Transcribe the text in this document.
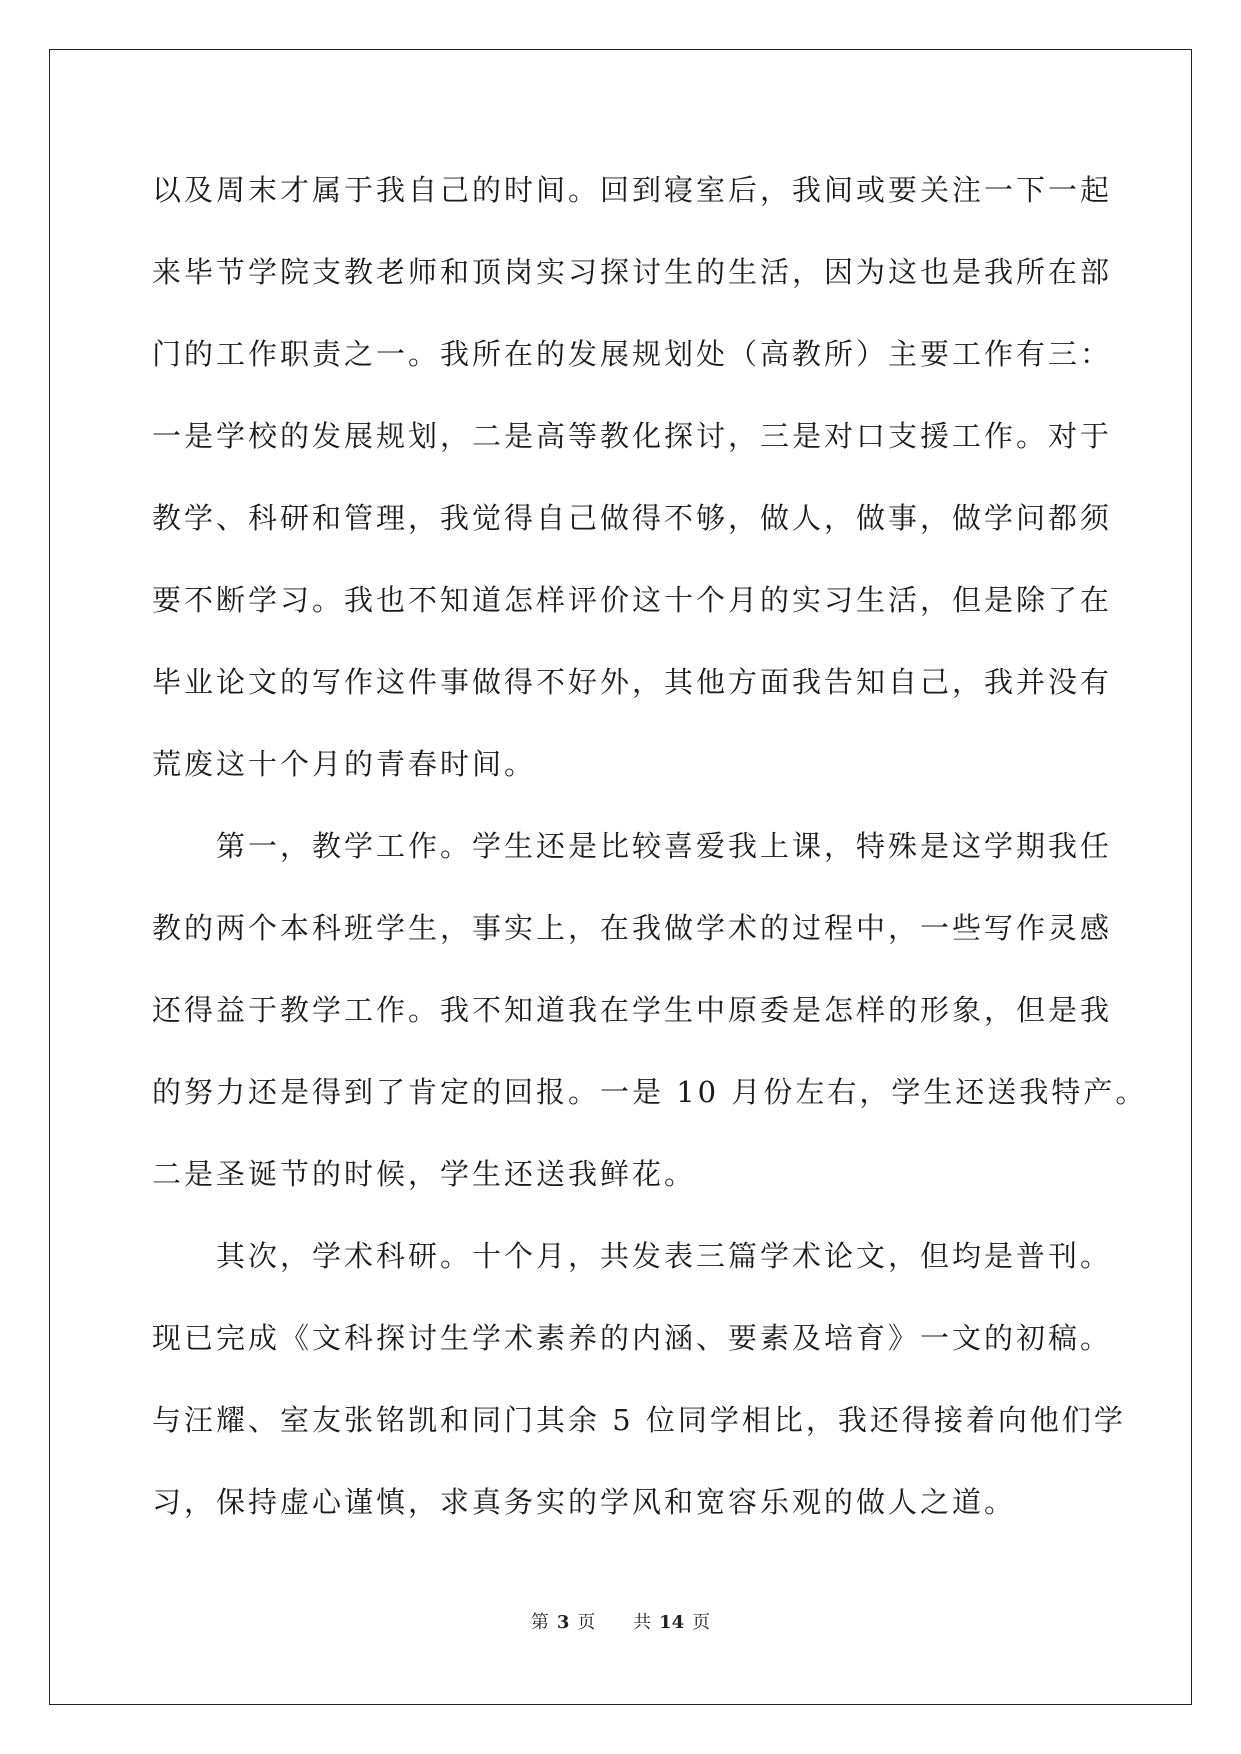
以及周末才属于我自己的时间。回到寝室后，我间或要关注一下一起
来毕节学院支教老师和顶岗实习探讨生的生活，因为这也是我所在部
门的工作职责之一。我所在的发展规划处（高教所）主要工作有三：
一是学校的发展规划，二是高等教化探讨，三是对口支援工作。对于
教学、科研和管理，我觉得自己做得不够，做人，做事，做学问都须
要不断学习。我也不知道怎样评价这十个月的实习生活，但是除了在
毕业论文的写作这件事做得不好外，其他方面我告知自己，我并没有
荒废这十个月的青春时间。
第一，教学工作。学生还是比较喜爱我上课，特殊是这学期我任
教的两个本科班学生，事实上，在我做学术的过程中，一些写作灵感
还得益于教学工作。我不知道我在学生中原委是怎样的形象，但是我
的努力还是得到了肯定的回报。一是 10 月份左右，学生还送我特产。
二是圣诞节的时候，学生还送我鲜花。
其次，学术科研。十个月，共发表三篇学术论文，但均是普刊。
现已完成《文科探讨生学术素养的内涵、要素及培育》一文的初稿。
与汪耀、室友张铭凯和同门其余 5 位同学相比，我还得接着向他们学
习，保持虚心谨慎，求真务实的学风和宽容乐观的做人之道。
第 3 页 共 14 页
